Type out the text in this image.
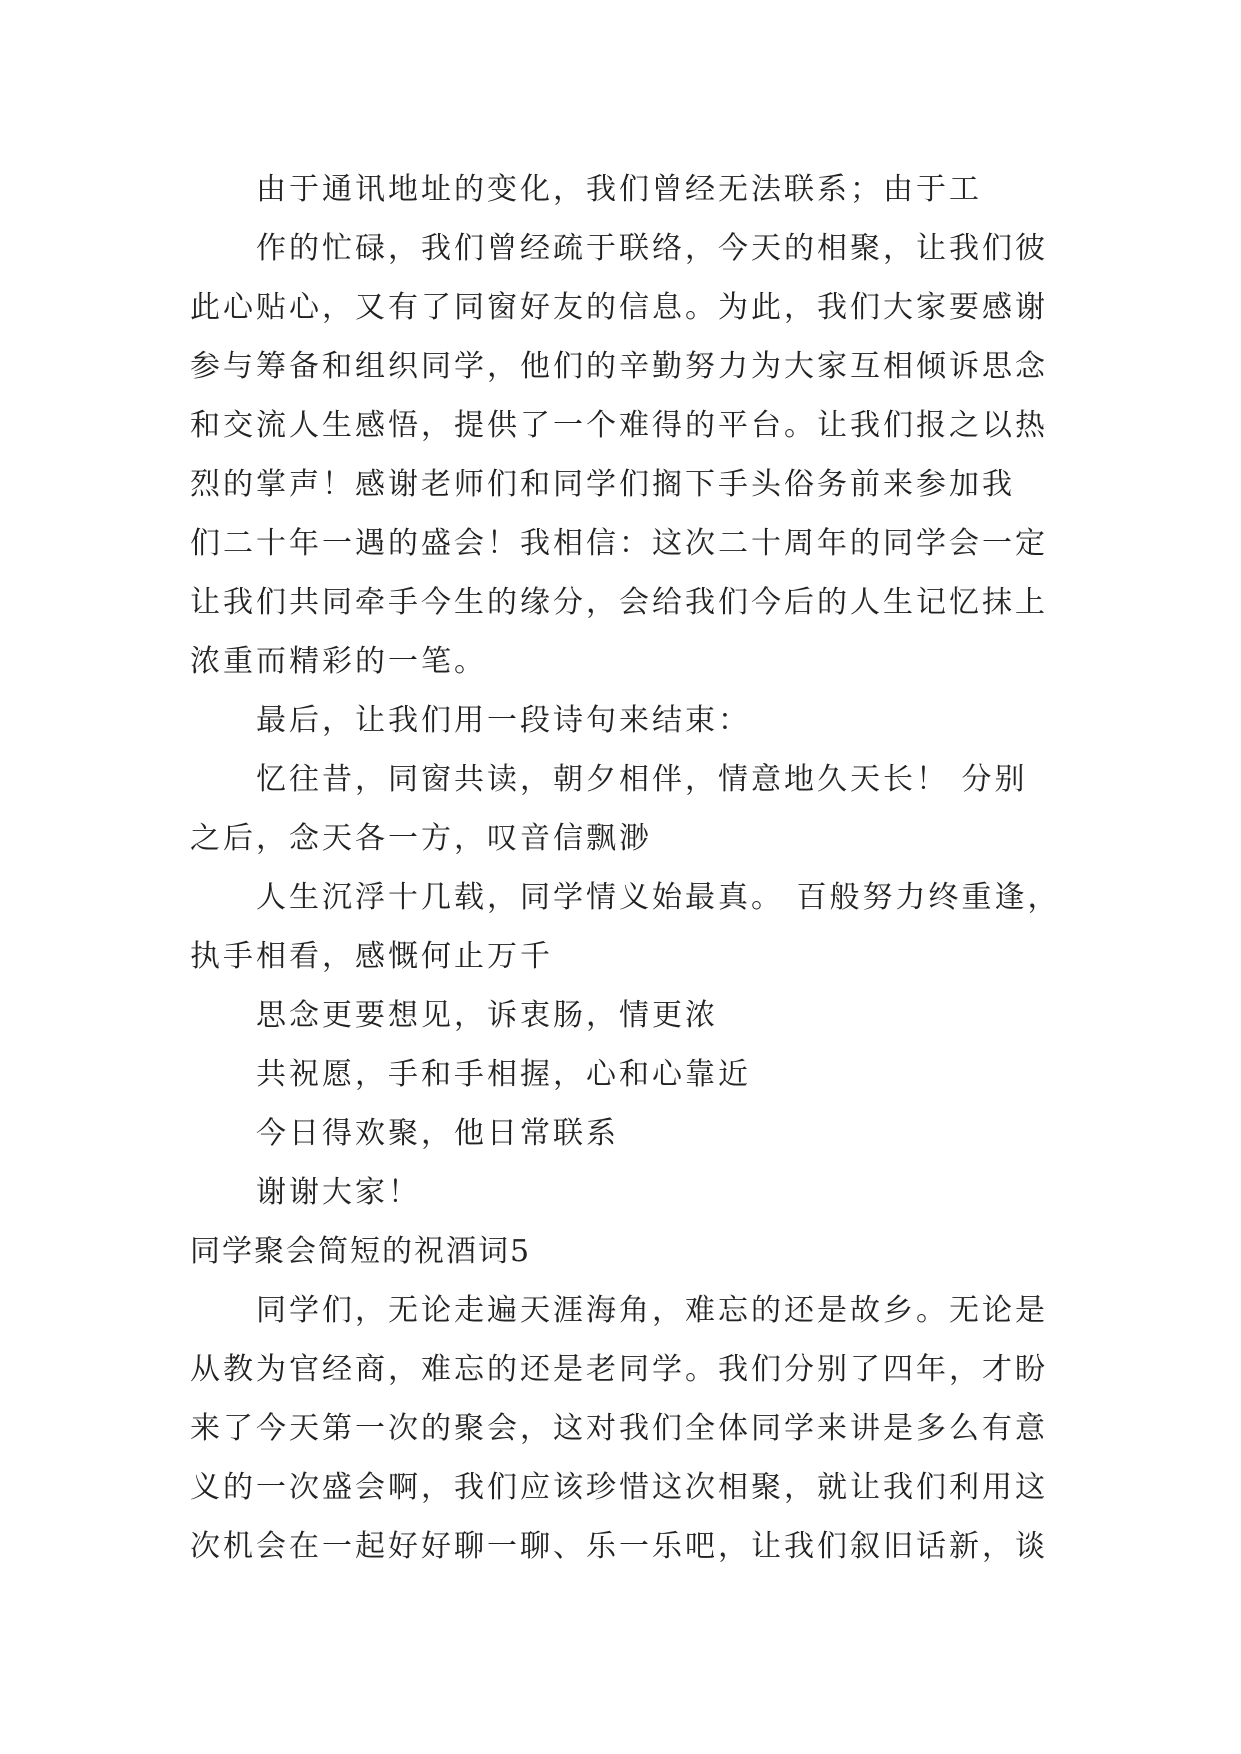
由于通讯地址的变化，我们曾经无法联系；由于工
作的忙碌，我们曾经疏于联络，今天的相聚，让我们彼
此心贴心，又有了同窗好友的信息。为此，我们大家要感谢
参与筹备和组织同学，他们的辛勤努力为大家互相倾诉思念
和交流人生感悟，提供了一个难得的平台。让我们报之以热
烈的掌声！感谢老师们和同学们搁下手头俗务前来参加我
们二十年一遇的盛会！我相信：这次二十周年的同学会一定
让我们共同牵手今生的缘分，会给我们今后的人生记忆抹上
浓重而精彩的一笔。
最后，让我们用一段诗句来结束：
忆往昔，同窗共读，朝夕相伴，情意地久天长！ 分别
之后，念天各一方，叹音信飘渺
人生沉浮十几载，同学情义始最真。 百般努力终重逢，
执手相看，感慨何止万千
思念更要想见，诉衷肠，情更浓
共祝愿，手和手相握，心和心靠近
今日得欢聚，他日常联系
谢谢大家！
同学聚会简短的祝酒词5
同学们，无论走遍天涯海角，难忘的还是故乡。无论是
从教为官经商，难忘的还是老同学。我们分别了四年，才盼
来了今天第一次的聚会，这对我们全体同学来讲是多么有意
义的一次盛会啊，我们应该珍惜这次相聚，就让我们利用这
次机会在一起好好聊一聊、乐一乐吧，让我们叙旧话新，谈
